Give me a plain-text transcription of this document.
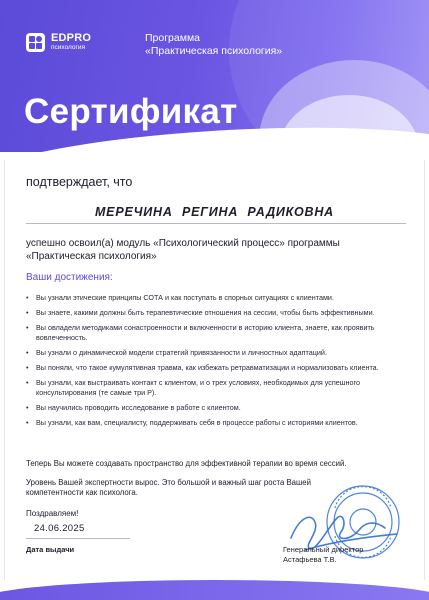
EDPRO
психология
Программа
«Практическая психология»
Сертификат
подтверждает, что
МЕРЕЧИНА РЕГИНА РАДИКОВНА
успешно освоил(а) модуль «Психологический процесс» программы «Практическая психология»
Ваши достижения:
• Вы узнали этические принципы СОТА и как поступать в спорных ситуациях с клиентами.
• Вы знаете, какими должны быть терапевтические отношения на сессии, чтобы быть эффективными.
• Вы овладели методиками сонастроенности и включенности в историю клиента, знаете, как проявить вовлеченность.
• Вы узнали о динамической модели стратегий привязанности и личностных адаптаций.
• Вы поняли, что такое кумулятивная травма, как избежать ретравматизации и нормализовать клиента.
• Вы узнали, как выстраивать контакт с клиентом, и о трех условиях, необходимых для успешного консультирования (те самые три Р).
• Вы научились проводить исследование в работе с клиентом.
• Вы узнали, как вам, специалисту, поддерживать себя в процессе работы с историями клиентов.
Теперь Вы можете создавать пространство для эффективной терапии во время сессий.
Уровень Вашей экспертности вырос. Это большой и важный шаг роста Вашей компетентности как психолога.
Поздравляем!
24.06.2025
Дата выдачи	Генеральный директор
Астафьева Т.В.
